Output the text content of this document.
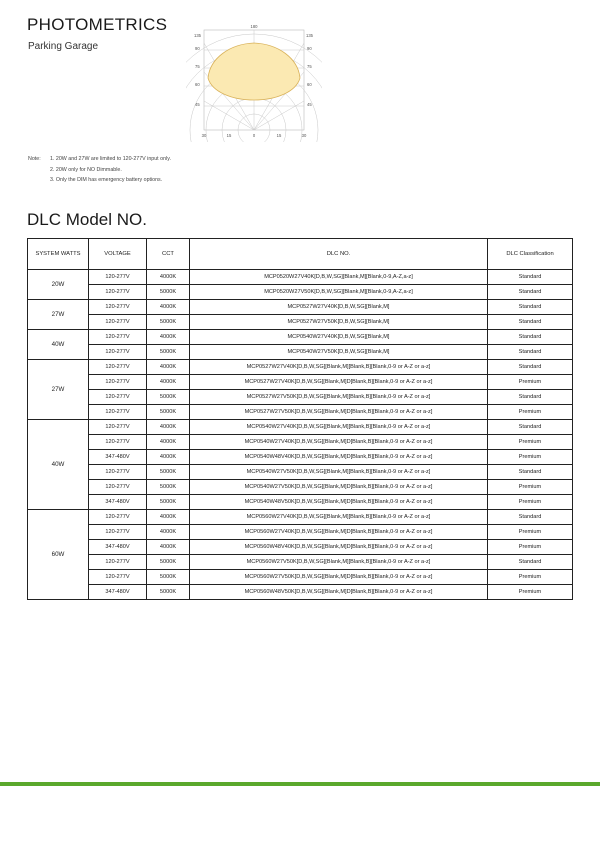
PHOTOMETRICS
Parking Garage
180
135
90
75
60
45
135
90
75
60
45
30	15	0	15	30
Note:	1. 20W and 27W are limited to 120-277V input only.
2. 20W only for NO Dimmable.
3. Only the DIM has emergency battery options.
DLC Model NO.
SYSTEM WATTS	VOLTAGE	CCT	DLC NO.	DLC Classification
20W	120-277V	4000K	MCP0520W27V40K[D,B,W,SG][Blank,M][Blank,0-9,A-Z,a-z]	Standard
	120-277V	5000K	MCP0520W27V50K[D,B,W,SG][Blank,M][Blank,0-9,A-Z,a-z]	Standard
27W	120-277V	4000K	MCP0527W27V40K[D,B,W,SG][Blank,M]	Standard
	120-277V	5000K	MCP0527W27V50K[D,B,W,SG][Blank,M]	Standard
40W	120-277V	4000K	MCP0540W27V40K[D,B,W,SG][Blank,M]	Standard
	120-277V	5000K	MCP0540W27V50K[D,B,W,SG][Blank,M]	Standard
27W	120-277V	4000K	MCP0527W27V40K[D,B,W,SG][Blank,M][Blank,B][Blank,0-9 or A-Z or a-z]	Standard
	120-277V	4000K	MCP0527W27V40K[D,B,W,SG][Blank,M]D[Blank,B][Blank,0-9 or A-Z or a-z]	Premium
	120-277V	5000K	MCP0527W27V50K[D,B,W,SG][Blank,M][Blank,B][Blank,0-9 or A-Z or a-z]	Standard
	120-277V	5000K	MCP0527W27V50K[D,B,W,SG][Blank,M]D[Blank,B][Blank,0-9 or A-Z or a-z]	Premium
40W	120-277V	4000K	MCP0540W27V40K[D,B,W,SG][Blank,M][Blank,B][Blank,0-9 or A-Z or a-z]	Standard
	120-277V	4000K	MCP0540W27V40K[D,B,W,SG][Blank,M]D[Blank,B][Blank,0-9 or A-Z or a-z]	Premium
	347-480V	4000K	MCP0540W48V40K[D,B,W,SG][Blank,M]D[Blank,B][Blank,0-9 or A-Z or a-z]	Premium
	120-277V	5000K	MCP0540W27V50K[D,B,W,SG][Blank,M][Blank,B][Blank,0-9 or A-Z or a-z]	Standard
	120-277V	5000K	MCP0540W27V50K[D,B,W,SG][Blank,M]D[Blank,B][Blank,0-9 or A-Z or a-z]	Premium
	347-480V	5000K	MCP0540W48V50K[D,B,W,SG][Blank,M]D[Blank,B][Blank,0-9 or A-Z or a-z]	Premium
60W	120-277V	4000K	MCP0560W27V40K[D,B,W,SG][Blank,M][Blank,B][Blank,0-9 or A-Z or a-z]	Standard
	120-277V	4000K	MCP0560W27V40K[D,B,W,SG][Blank,M]D[Blank,B][Blank,0-9 or A-Z or a-z]	Premium
	347-480V	4000K	MCP0560W48V40K[D,B,W,SG][Blank,M]D[Blank,B][Blank,0-9 or A-Z or a-z]	Premium
	120-277V	5000K	MCP0560W27V50K[D,B,W,SG][Blank,M][Blank,B][Blank,0-9 or A-Z or a-z]	Standard
	120-277V	5000K	MCP0560W27V50K[D,B,W,SG][Blank,M]D[Blank,B][Blank,0-9 or A-Z or a-z]	Premium
	347-480V	5000K	MCP0560W48V50K[D,B,W,SG][Blank,M]D[Blank,B][Blank,0-9 or A-Z or a-z]	Premium
